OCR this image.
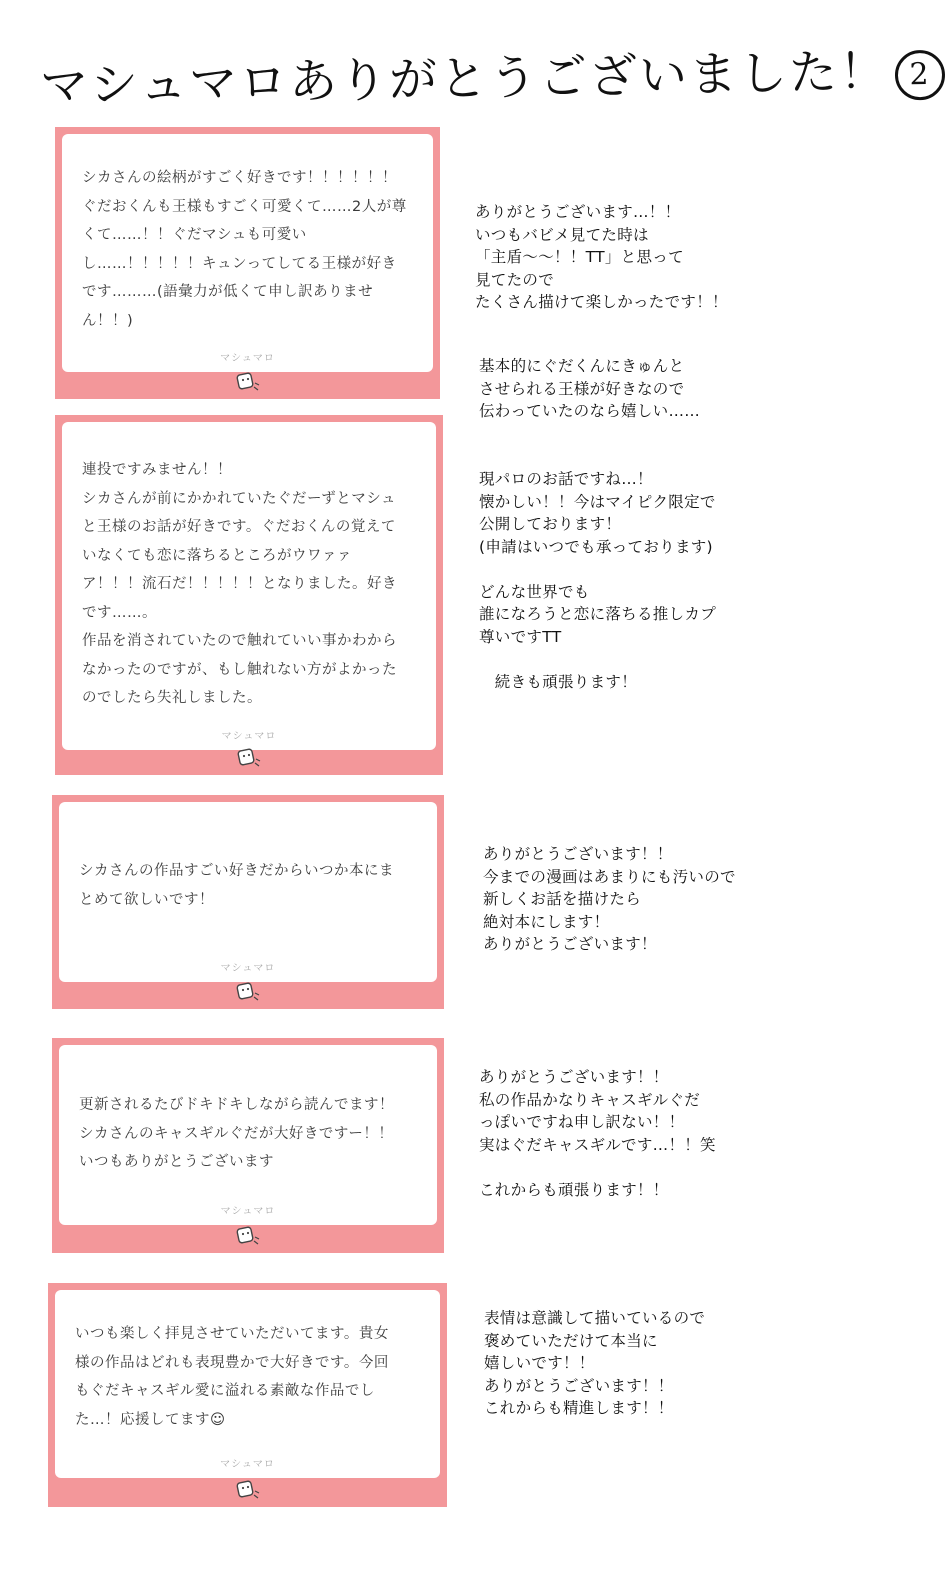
マシュマロありがとうございました！ 2
シカさんの絵柄がすごく好きです！！！！！！
ぐだおくんも王様もすごく可愛くて……2人が尊
くて……！！ぐだマシュも可愛い
し……！！！！！キュンってしてる王様が好き
です………(語彙力が低くて申し訳ありませ
ん！！)
マシュマロ
連投ですみません！！
シカさんが前にかかれていたぐだーずとマシュ
と王様のお話が好きです。ぐだおくんの覚えて
いなくても恋に落ちるところがウワァァ
ア！！！流石だ！！！！！となりました。好き
です……。
作品を消されていたので触れていい事かわから
なかったのですが、もし触れない方がよかった
のでしたら失礼しました。
マシュマロ
シカさんの作品すごい好きだからいつか本にま
とめて欲しいです！
マシュマロ
更新されるたびドキドキしながら読んでます！
シカさんのキャスギルぐだが大好きですー！！
いつもありがとうございます
マシュマロ
いつも楽しく拝見させていただいてます。貴女
様の作品はどれも表現豊かで大好きです。今回
もぐだキャスギル愛に溢れる素敵な作品でし
た…！応援してます☺
マシュマロ
ありがとうございます…！！
いつもバビメ見てた時は
「主盾〜〜！！TT」と思って
見てたので
たくさん描けて楽しかったです！！
基本的にぐだくんにきゅんと
させられる王様が好きなので
伝わっていたのなら嬉しい……
現パロのお話ですね…！
懐かしい！！今はマイピク限定で
公開しております！
(申請はいつでも承っております)

どんな世界でも
誰になろうと恋に落ちる推しカプ
尊いですTT

　続きも頑張ります！
ありがとうございます！！
今までの漫画はあまりにも汚いので
新しくお話を描けたら
絶対本にします！
ありがとうございます！
ありがとうございます！！
私の作品かなりキャスギルぐだ
っぽいですね申し訳ない！！
実はぐだキャスギルです…！！笑

これからも頑張ります！！
表情は意識して描いているので
褒めていただけて本当に
嬉しいです！！
ありがとうございます！！
これからも精進します！！
